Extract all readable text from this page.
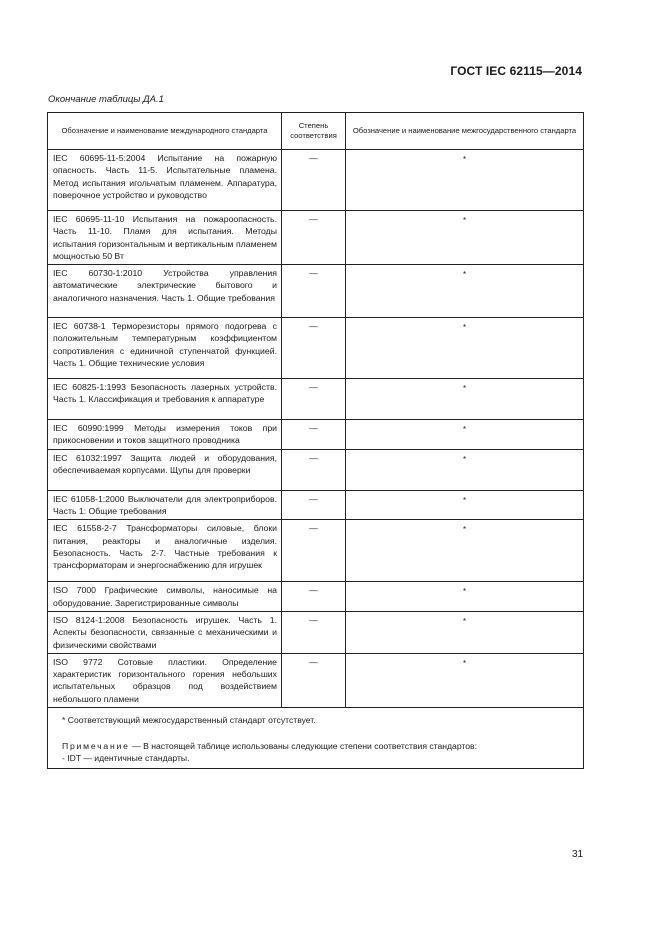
ГОСТ IEC 62115—2014
Окончание таблицы ДА.1
Обозначение и наименование международного стандарта	Степень соответствия	Обозначение и наименование межгосударственного стандарта
IEC 60695-11-5:2004 Испытание на пожарную опасность. Часть 11-5. Испытательные пламена. Метод испытания игольчатым пламенем. Аппаратура, поверочное устройство и руководство	—	*
IEC 60695-11-10 Испытания на пожароопасность. Часть 11-10. Пламя для испытания. Методы испытания горизонтальным и вертикальным пламенем мощностью 50 Вт	—	*
IEC 60730-1:2010 Устройства управления автоматические электрические бытового и аналогичного назначения. Часть 1. Общие требования	—	*
IEC 60738-1 Терморезисторы прямого подогрева с положительным температурным коэффициентом сопротивления с единичной ступенчатой функцией. Часть 1. Общие технические условия	—	*
IEC 60825-1:1993 Безопасность лазерных устройств. Часть 1. Классификация и требования к аппаратуре	—	*
IEC 60990:1999 Методы измерения токов при прикосновении и токов защитного проводника	—	*
IEC 61032:1997 Защита людей и оборудования, обеспечиваемая корпусами. Щупы для проверки	—	*
IEC 61058-1:2000 Выключатели для электроприборов. Часть 1: Общие требования	—	*
IEC 61558-2-7 Трансформаторы силовые, блоки питания, реакторы и аналогичные изделия. Безопасность. Часть 2-7. Частные требования к трансформаторам и энергоснабжению для игрушек	—	*
ISO 7000 Графические символы, наносимые на оборудование. Зарегистрированные символы	—	*
ISO 8124-1:2008 Безопасность игрушек. Часть 1. Аспекты безопасности, связанные с механическими и физическими свойствами	—	*
ISO 9772 Сотовые пластики. Определение характеристик горизонтального горения небольших испытательных образцов под воздействием небольшого пламени	—	*

* Соответствующий межгосударственный стандарт отсутствует.
Примечание — В настоящей таблице использованы следующие степени соответствия стандартов:
- IDT — идентичные стандарты.		
31
